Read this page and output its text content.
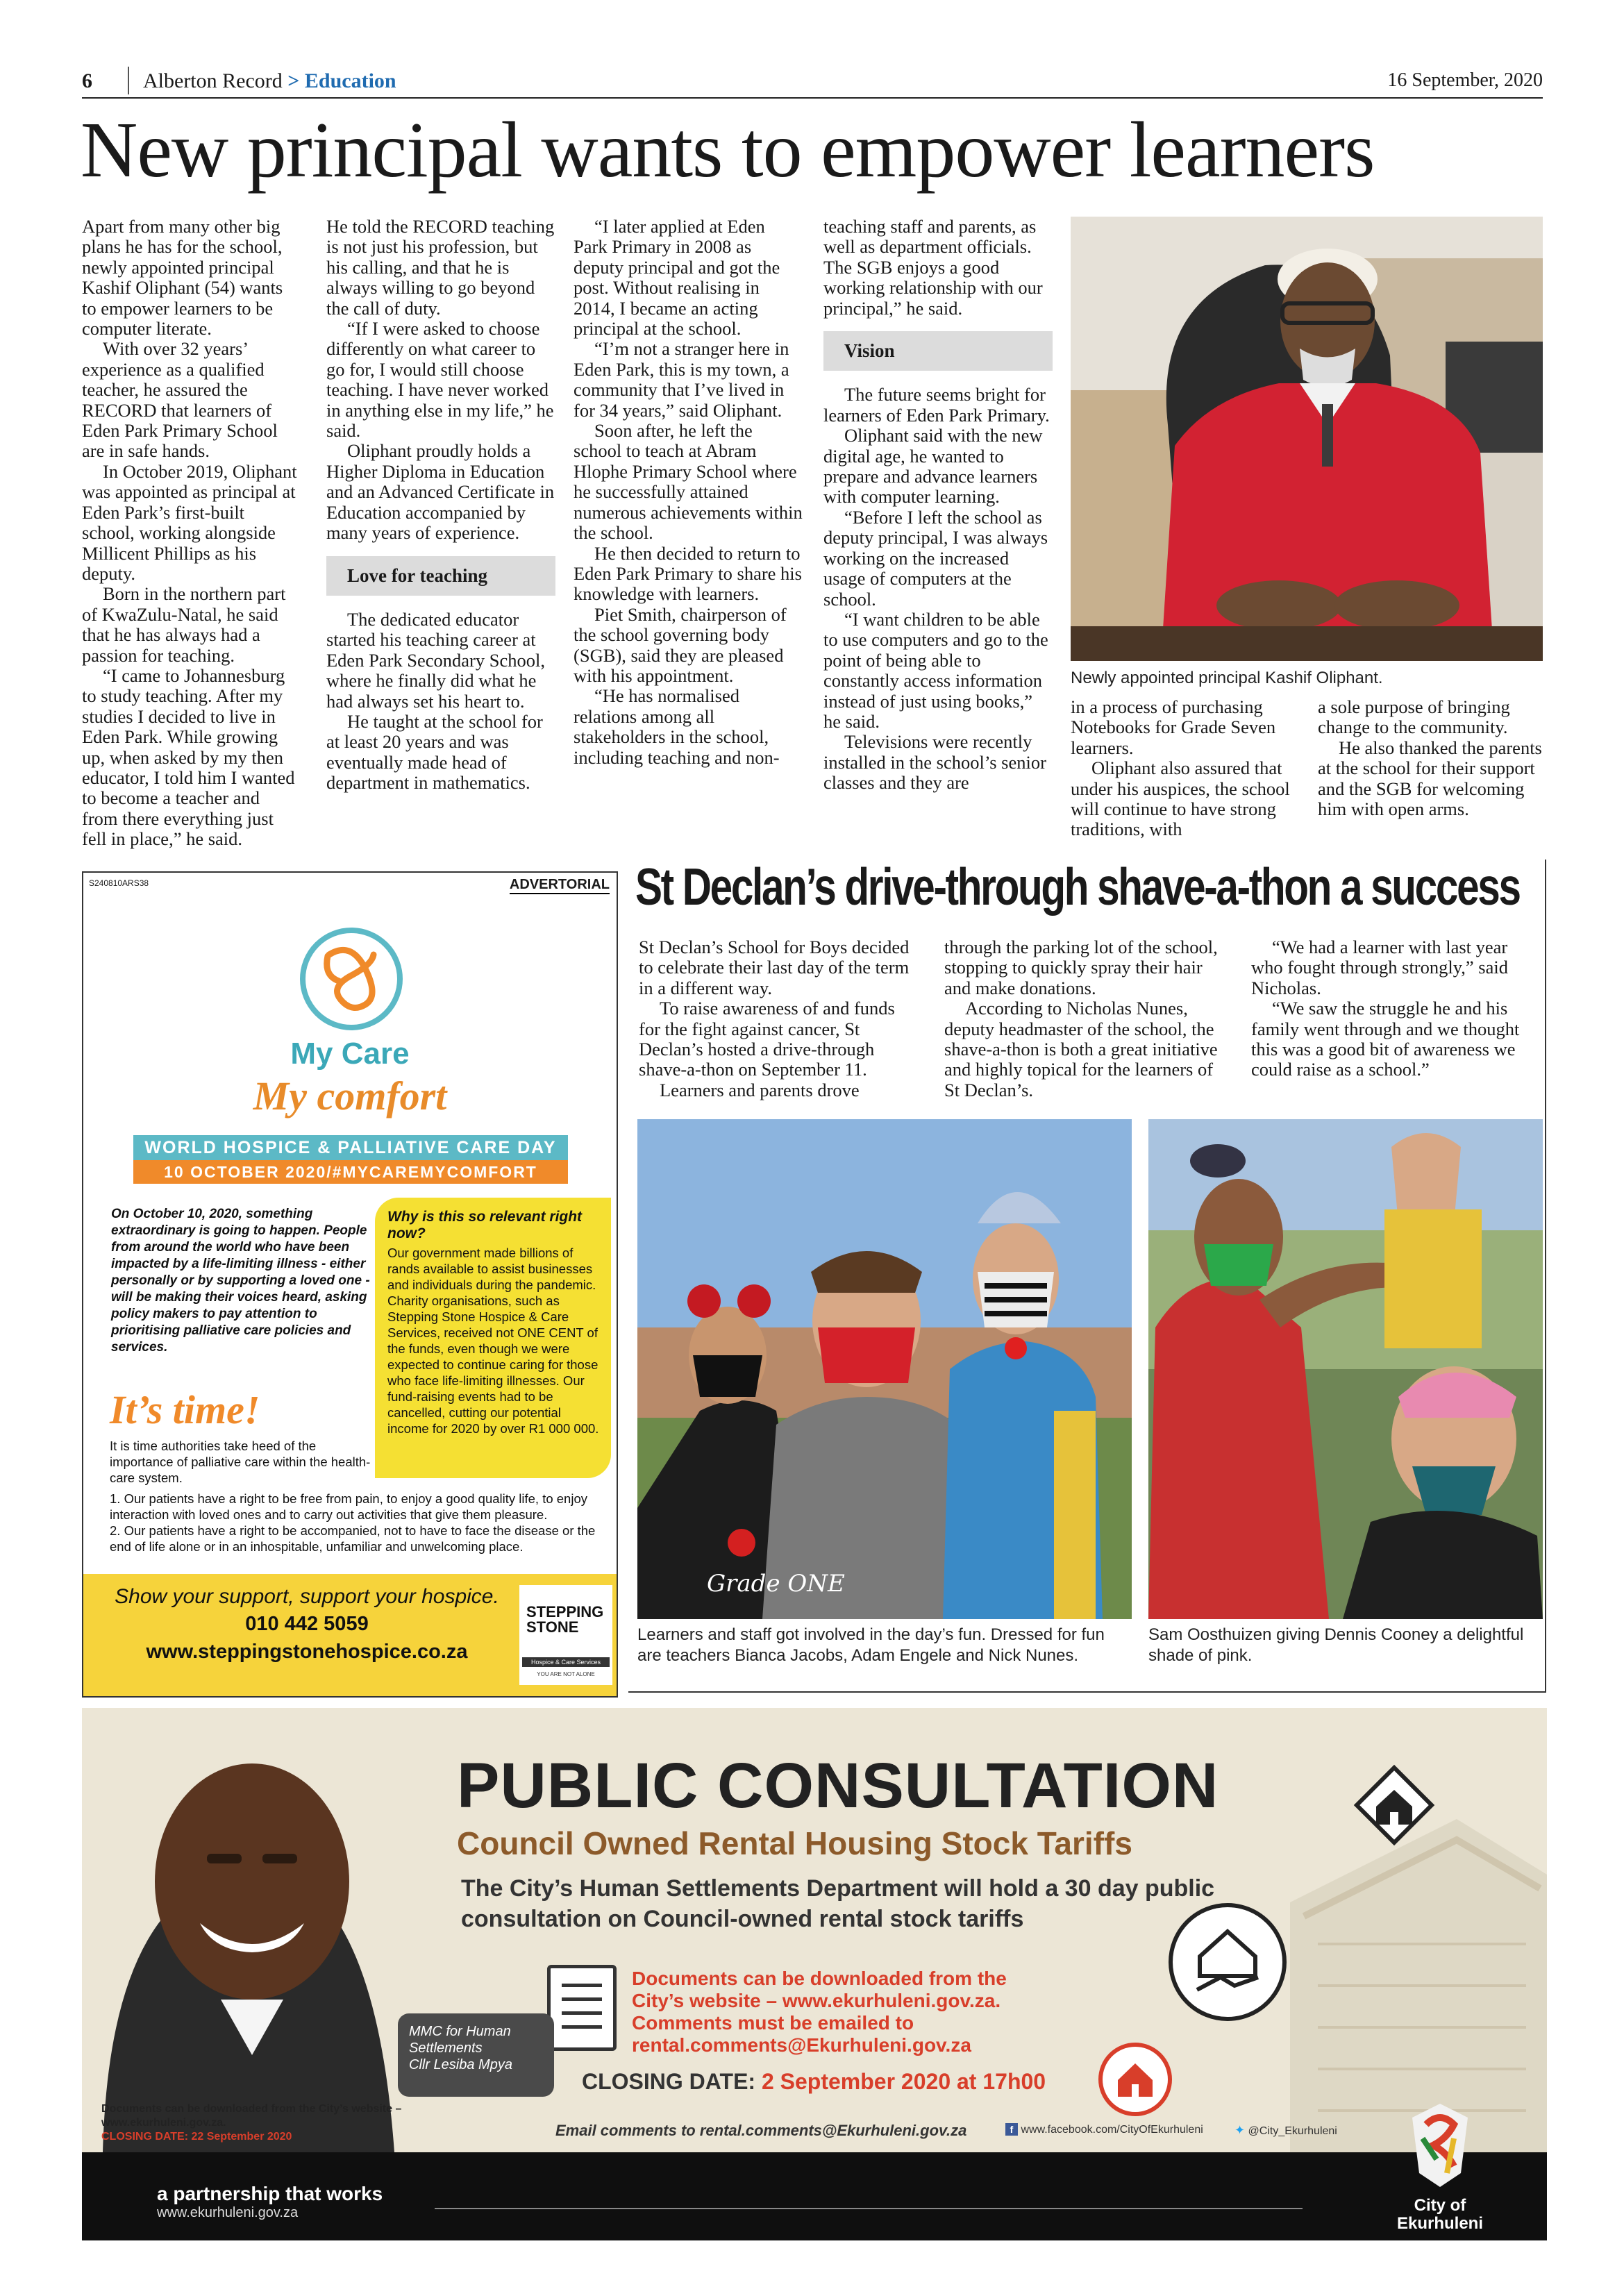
6 Alberton Record > Education	16 September, 2020
New principal wants to empower learners

Apart from many other big plans he has for the school, newly appointed principal Kashif Oliphant (54) wants to empower learners to be computer literate.

With over 32 years’ experience as a qualified teacher, he assured the RECORD that learners of Eden Park Primary School are in safe hands.

In October 2019, Oliphant was appointed as principal at Eden Park’s first-built school, working alongside Millicent Phillips as his deputy.

Born in the northern part of KwaZulu-Natal, he said that he has always had a passion for teaching.

“I came to Johannesburg to study teaching. After my studies I decided to live in Eden Park. While growing up, when asked by my then educator, I told him I wanted to become a teacher and from there everything just fell in place,” he said.

He told the RECORD teaching is not just his profession, but his calling, and that he is always willing to go beyond the call of duty.

“If I were asked to choose differently on what career to go for, I would still choose teaching. I have never worked in anything else in my life,” he said.

Oliphant proudly holds a Higher Diploma in Education and an Advanced Certificate in Education accompanied by many years of experience.

Love for teaching

The dedicated educator started his teaching career at Eden Park Secondary School, where he finally did what he had always set his heart to.

He taught at the school for at least 20 years and was eventually made head of department in mathematics.

“I later applied at Eden Park Primary in 2008 as deputy principal and got the post. Without realising in 2014, I became an acting principal at the school.

“I’m not a stranger here in Eden Park, this is my town, a community that I’ve lived in for 34 years,” said Oliphant.

Soon after, he left the school to teach at Abram Hlophe Primary School where he successfully attained numerous achievements within the school.

He then decided to return to Eden Park Primary to share his knowledge with learners.

Piet Smith, chairperson of the school governing body (SGB), said they are pleased with his appointment.

“He has normalised relations among all stakeholders in the school, including teaching and non-

teaching staff and parents, as well as department officials. The SGB enjoys a good working relationship with our principal,” he said.

Vision

The future seems bright for learners of Eden Park Primary.

Oliphant said with the new digital age, he wanted to prepare and advance learners with computer learning.

“Before I left the school as deputy principal, I was always working on the increased usage of computers at the school.

“I want children to be able to use computers and go to the point of being able to constantly access information instead of just using books,” he said.

Televisions were recently installed in the school’s senior classes and they are

Newly appointed principal Kashif Oliphant.

in a process of purchasing Notebooks for Grade Seven learners.

Oliphant also assured that under his auspices, the school will continue to have strong traditions, with

a sole purpose of bringing change to the community.

He also thanked the parents at the school for their support and the SGB for welcoming him with open arms.

S240810ARS38	ADVERTORIAL
My Care
My comfort
WORLD HOSPICE & PALLIATIVE CARE DAY
10 OCTOBER 2020/#MYCAREMYCOMFORT
On October 10, 2020, something extraordinary is going to happen. People from around the world who have been impacted by a life-limiting illness - either personally or by supporting a loved one - will be making their voices heard, asking policy makers to pay attention to prioritising palliative care policies and services.
Why is this so relevant right now?
Our government made billions of rands available to assist businesses and individuals during the pandemic. Charity organisations, such as Stepping Stone Hospice & Care Services, received not ONE CENT of the funds, even though we were expected to continue caring for those who face life-limiting illnesses. Our fund-raising events had to be cancelled, cutting our potential income for 2020 by over R1 000 000.
It’s time!
It is time authorities take heed of the importance of palliative care within the health-care system.
1. Our patients have a right to be free from pain, to enjoy a good quality life, to enjoy interaction with loved ones and to carry out activities that give them pleasure.
2. Our patients have a right to be accompanied, not to have to face the disease or the end of life alone or in an inhospitable, unfamiliar and unwelcoming place.
Show your support, support your hospice.
010 442 5059
www.steppingstonehospice.co.za
STEPPING STONE
Hospice & Care Services
YOU ARE NOT ALONE
St Declan’s drive-through shave-a-thon a success

St Declan’s School for Boys decided to celebrate their last day of the term in a different way.

To raise awareness of and funds for the fight against cancer, St Declan’s hosted a drive-through shave-a-thon on September 11.

Learners and parents drove

through the parking lot of the school, stopping to quickly spray their hair and make donations.

According to Nicholas Nunes, deputy headmaster of the school, the shave-a-thon is both a great initiative and highly topical for the learners of St Declan’s.

“We had a learner with last year who fought through strongly,” said Nicholas.

“We saw the struggle he and his family went through and we thought this was a good bit of awareness we could raise as a school.”

Grade ONE
Learners and staff got involved in the day’s fun. Dressed for fun are teachers Bianca Jacobs, Adam Engele and Nick Nunes.
Sam Oosthuizen giving Dennis Cooney a delightful shade of pink.
PUBLIC CONSULTATION
Council Owned Rental Housing Stock Tariffs
The City’s Human Settlements Department will hold a 30 day public consultation on Council-owned rental stock tariffs
Documents can be downloaded from the City’s website – www.ekurhuleni.gov.za. Comments must be emailed to rental.comments@Ekurhuleni.gov.za
CLOSING DATE: 2 September 2020 at 17h00
Email comments to rental.comments@Ekurhuleni.gov.za	f www.facebook.com/CityOfEkurhuleni	✦ @City_Ekurhuleni
MMC for Human Settlements
Cllr Lesiba Mpya
Documents can be downloaded from the City’s website – www.ekurhuleni.gov.za.
CLOSING DATE: 22 September 2020
a partnership that works
www.ekurhuleni.gov.za	City of
Ekurhuleni
